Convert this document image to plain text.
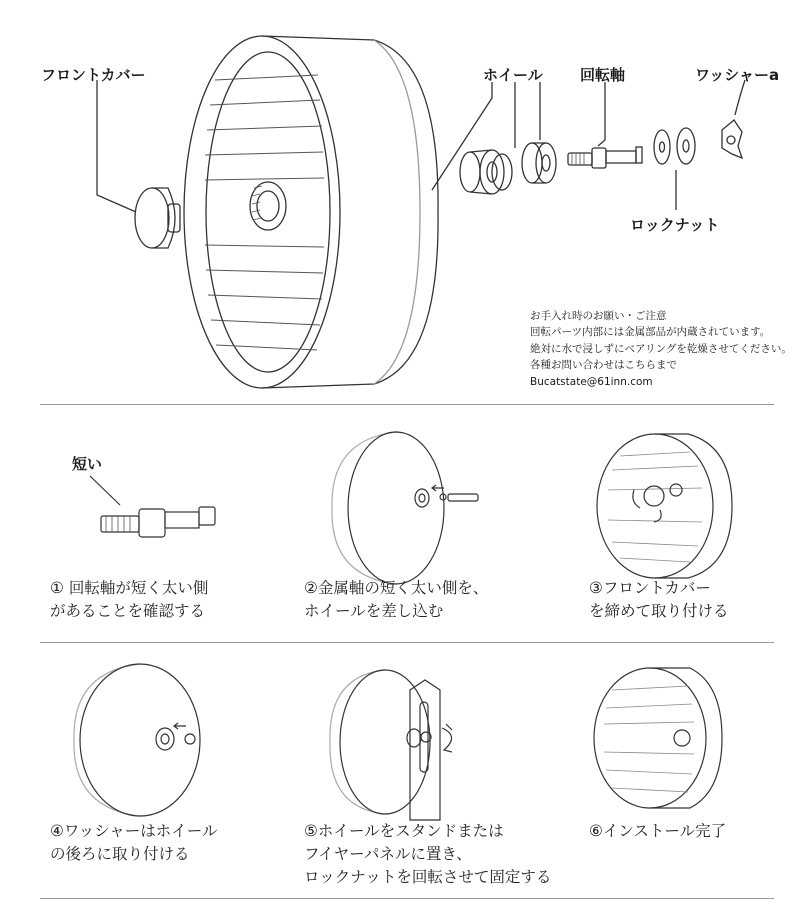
フロントカバー	ホイール 回転軸	ワッシャーa
ロックナット
お手入れ時のお願い・ご注意
回転パーツ内部には金属部品が内蔵されています。
絶対に水で浸しずにベアリングを乾燥させてください。
各種お問い合わせはこちらまで
Bucatstate@61inn.com
短い
① 回転軸が短く太い側
があることを確認する
②金属軸の短く太い側を、
ホイールを差し込む
③フロントカバー
を締めて取り付ける
④ワッシャーはホイール
の後ろに取り付ける
⑤ホイールをスタンドまたは
フイヤーパネルに置き、
ロックナットを回転させて固定する
⑥インストール完了
